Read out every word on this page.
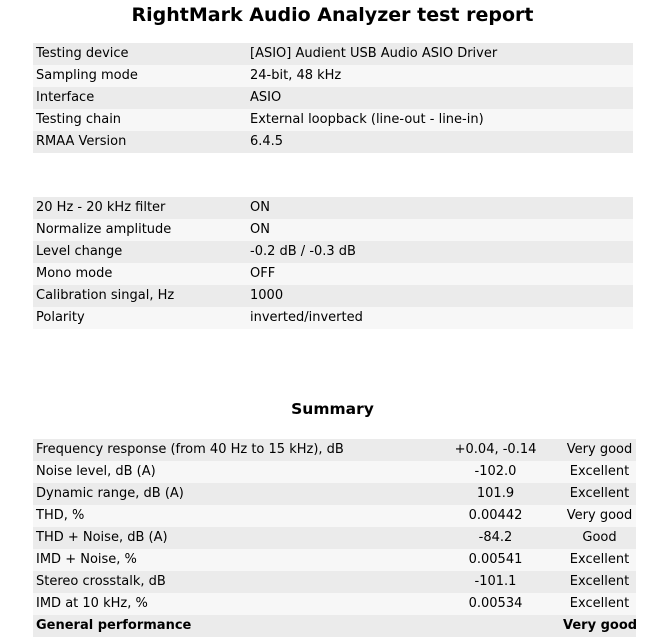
RightMark Audio Analyzer test report
Testing device	[ASIO] Audient USB Audio ASIO Driver
Sampling mode	24-bit, 48 kHz
Interface	ASIO
Testing chain	External loopback (line-out - line-in)
RMAA Version	6.4.5
20 Hz - 20 kHz filter	ON
Normalize amplitude	ON
Level change	-0.2 dB / -0.3 dB
Mono mode	OFF
Calibration singal, Hz	1000
Polarity	inverted/inverted
Summary
Frequency response (from 40 Hz to 15 kHz), dB	+0.04, -0.14	Very good
Noise level, dB (A)	-102.0	Excellent
Dynamic range, dB (A)	101.9	Excellent
THD, %	0.00442	Very good
THD + Noise, dB (A)	-84.2	Good
IMD + Noise, %	0.00541	Excellent
Stereo crosstalk, dB	-101.1	Excellent
IMD at 10 kHz, %	0.00534	Excellent
General performance		Very good
